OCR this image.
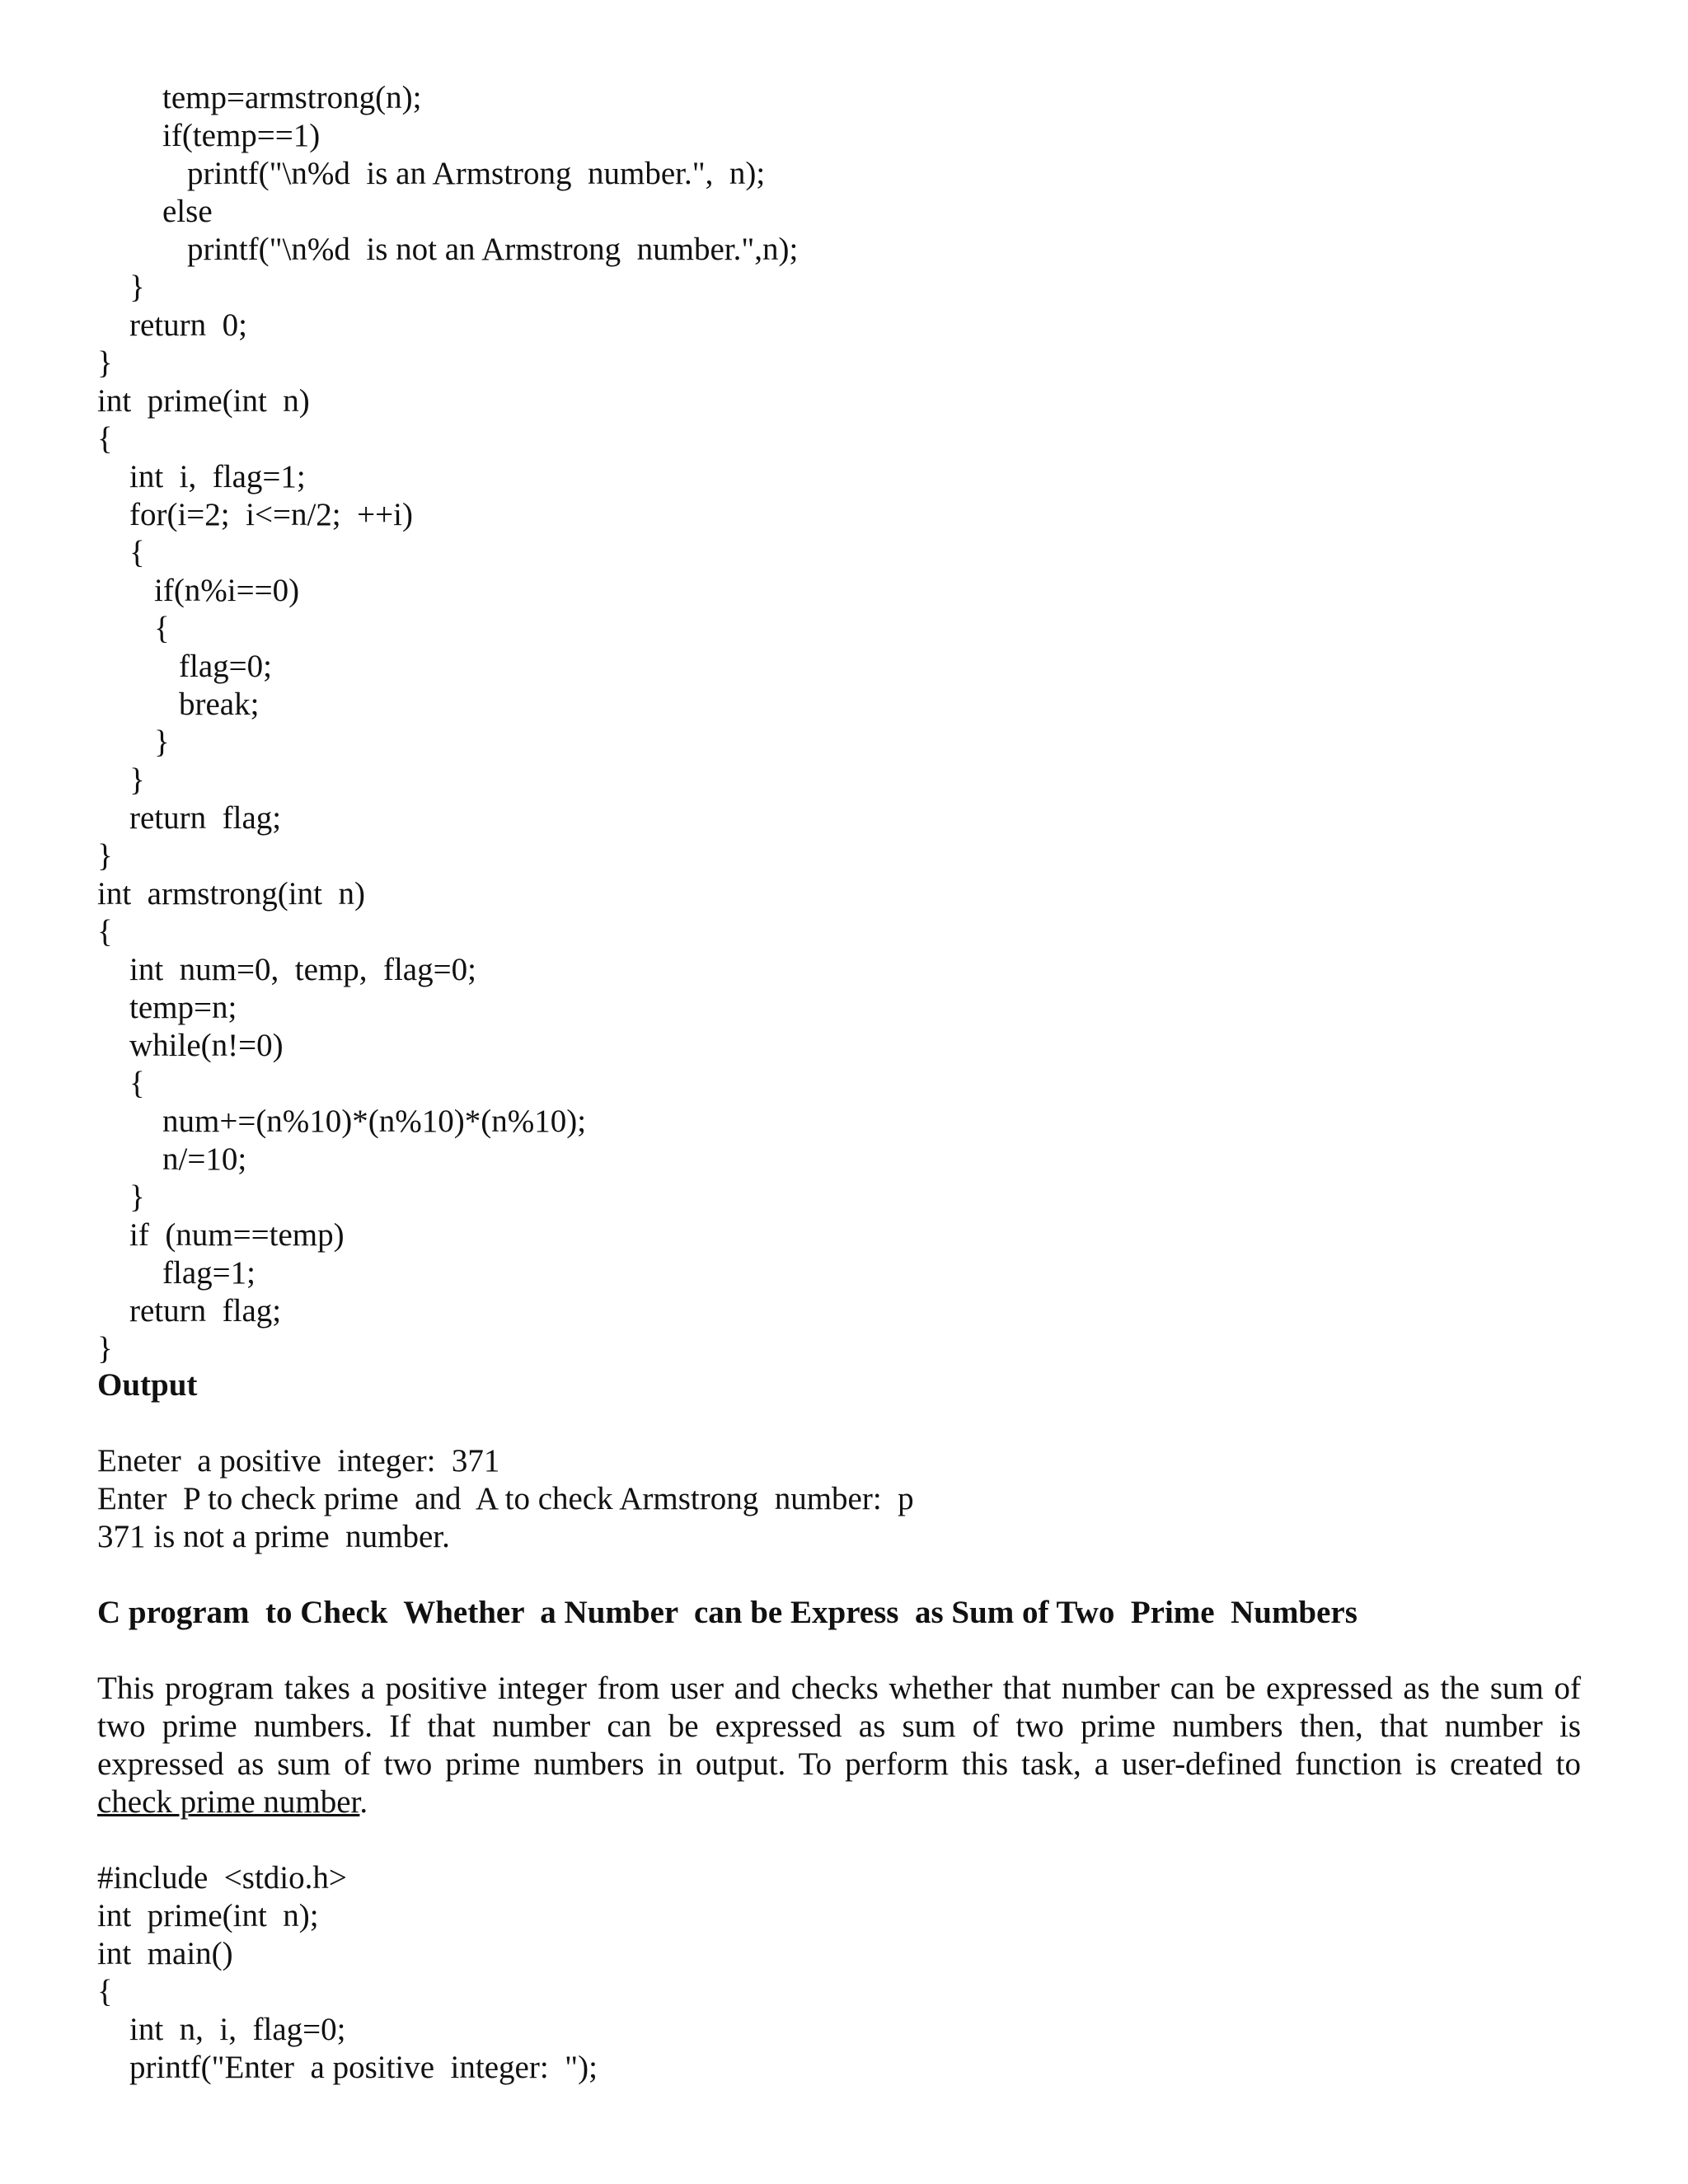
temp=armstrong(n);

if(temp==1)

printf("\n%d  is an Armstrong  number.",  n);

else

printf("\n%d  is not an Armstrong  number.",n);

}

return  0;

}

int  prime(int  n)

{

int  i,  flag=1;

for(i=2;  i<=n/2;  ++i)

{

if(n%i==0)

{

flag=0;

break;

}

}

return  flag;

}

int  armstrong(int  n)

{

int  num=0,  temp,  flag=0;

temp=n;

while(n!=0)

{

num+=(n%10)*(n%10)*(n%10);

n/=10;

}

if  (num==temp)

flag=1;

return  flag;

}

Output

Eneter  a positive  integer:  371

Enter  P to check prime  and  A to check Armstrong  number:  p

371 is not a prime  number.

C program  to Check  Whether  a Number  can be Express  as Sum of Two  Prime  Numbers

This program takes a positive integer from user and checks whether that number can be expressed as the sum of
two prime numbers. If that number can be expressed as sum of two prime numbers then, that number is
expressed as sum of two prime numbers in output. To perform this task, a user-defined function is created to
check prime number.

#include  <stdio.h>

int  prime(int  n);

int  main()

{

int  n,  i,  flag=0;

printf("Enter  a positive  integer:  ");
